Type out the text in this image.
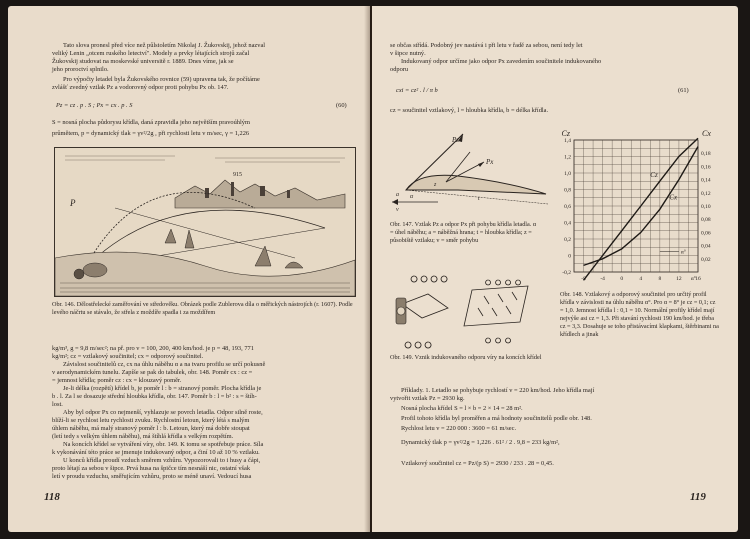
Tato slova pronesl před více než půlstoletím Nikolaj J. Žukovskij, jehož nazval
veliký Lenin „otcem ruského letectví". Modely a prvky létajících strojů začal
Žukovskij studovat na moskevské universitě r. 1889. Dnes víme, jak se
jeho proroctví splnilo.
Pro výpočty letadel byla Žukovského rovnice (59) upravena tak, že počítáme
zvlášť zvedný vztlak Pz a vodorovný odpor proti pohybu Px ob. 147.
Pz = cz . p . S ; Px = cx . p . S	(60)
S = nosná plocha půdorysu křídla, daná zpravidla jeho největším pravoúhlým
průmětem, p = dynamický tlak = γv²/2g , při rychlosti letu v m/sec, γ = 1,226
P
915
Obr. 146. Dělostřelecké zaměřování ve středověku. Obrázek podle Zublerova díla o měřických nástrojích (r. 1607). Podle levého náčrtu se stávalo, že střela z moždíře spadla i za moždířem
kg/m³, g = 9,8 m/sec²; na př. pro v = 100, 200, 400 km/hod. je p = 48, 193, 771
kg/m²; cz = vztlakový součinitel; cx = odporový součinitel.
Závislost součinitelů cz, cx na úhlu náběhu α a na tvaru profilu se určí pokusně
v aerodynamickém tunelu. Zapíše se pak do tabulek, obr. 148. Poměr cx : cz =
= jemnost křídla; poměr cz : cx = klouzavý poměr.
Je-li délka (rozpětí) křídel b, je poměr l : b = stranový poměr. Plocha křídla je
b . l. Za l se dosazuje střední hloubka křídla, obr. 147. Poměr b : l = b² : s = štíh-
lost.
Aby byl odpor Px co nejmenší, vyhlazuje se povrch letadla. Odpor silně roste,
blíží-li se rychlost letu rychlosti zvuku. Rychlostní letoun, který létá s malým
úhlem náběhu, má malý stranový poměr l : b. Letoun, který má dobře stoupat
(letí tedy s velkým úhlem náběhu), má štíhlá křídla s velkým rozpětím.
Na koncích křídel se vytváření víry, obr. 149. K tomu se spotřebuje práce. Síla
k vykonávání této práce se jmenuje indukovaný odpor, a činí 10 až 10 % vztlaku.
U konců křídla proudí vzduch směrem vzhůru. Vypozorovali to i husy a čápi,
proto létají za sebou v šipce. Prvá husa na špičce tím nesnáší nic, ostatní však
letí v proudu vzduchu, směřujícím vzhůru, proto se méně unaví. Vedoucí husa
118
se občas střídá. Podobný jev nastává i při letu v řadě za sebou, není tedy let
v šipce nutný.
Indukovaný odpor určíme jako odpor Px zavedením součinitele indukovaného
odporu
cxi = cz² . l / π b	(61)
cz = součinitel vztlakový, l = hloubka křídla, b = délka křídla.
Pz
Px
z
a α
v
t
Obr. 147. Vztlak Pz a odpor Px při pohybu křídla letadla. α = úhel náběhu; a = náběžná hrana; t = hloubka křídla; z = působiště vztlaku; v = směr pohybu
Obr. 149. Vznik indukovaného odporu víry na koncích křídel
1,4
1,2
1,0
0,8
0,6
0,4
0,2
0
-0,2
0,18
0,16
0,14
0,12
0,10
0,08
0,06
0,04
0,02
-8	-4	0	4	8	12 16
Cz	Cx
α°
Cz
Cx
α°
Obr. 148. Vztlakový a odporový součinitel pro určitý profil křídla v závislosti na úhlu náběhu α°. Pro α = 8° je cz = 0,1; cz = 1,0. Jemnost křídla l : 0,1 = 10. Normální profily křídel mají nejvýše asi cz = 1,3. Při stavání rychlosti 190 km/hod. je třeba cz = 3,3. Dosahuje se toho přistávacími klapkami, štěrbinami na křídlech a jinak
Příklady. 1. Letadlo se pohybuje rychlostí v = 220 km/hod. Jeho křídla mají
vytvořit vztlak Pz = 2930 kg.
Nosná plocha křídel S = l × b = 2 × 14 = 28 m².
Profil tohoto křídla byl proměřen a má hodnoty součinitelů podle obr. 148.
Rychlost letu v = 220 000 : 3600 = 61 m/sec.
Dynamický tlak p = γv²/2g = 1,226 . 61² / 2 . 9,8 = 233 kg/m²,
Vztlakový součinitel cz = Pz/(p S) = 2930 / 233 . 28 = 0,45.
119
